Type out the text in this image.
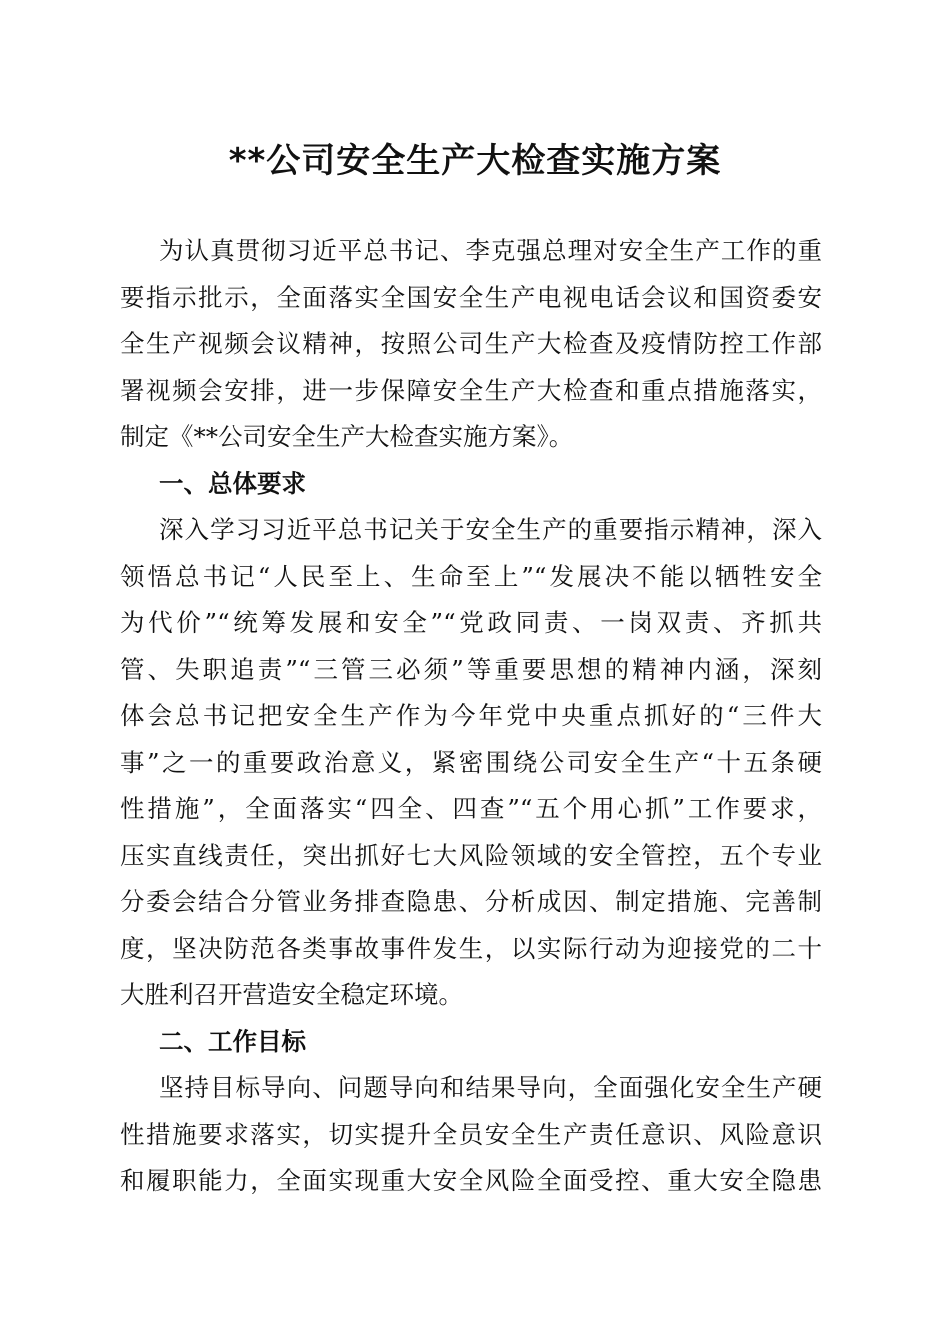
**公司安全生产大检查实施方案
为认真贯彻习近平总书记、李克强总理对安全生产工作的重
要指示批示，全面落实全国安全生产电视电话会议和国资委安
全生产视频会议精神，按照公司生产大检查及疫情防控工作部
署视频会安排，进一步保障安全生产大检查和重点措施落实，
制定《**公司安全生产大检查实施方案》。
一、总体要求
深入学习习近平总书记关于安全生产的重要指示精神，深入
领悟总书记“人民至上、生命至上”“发展决不能以牺牲安全
为代价”“统筹发展和安全”“党政同责、一岗双责、齐抓共
管、失职追责”“三管三必须”等重要思想的精神内涵，深刻
体会总书记把安全生产作为今年党中央重点抓好的“三件大
事”之一的重要政治意义，紧密围绕公司安全生产“十五条硬
性措施”，全面落实“四全、四查”“五个用心抓”工作要求，
压实直线责任，突出抓好七大风险领域的安全管控，五个专业
分委会结合分管业务排查隐患、分析成因、制定措施、完善制
度，坚决防范各类事故事件发生，以实际行动为迎接党的二十
大胜利召开营造安全稳定环境。
二、工作目标
坚持目标导向、问题导向和结果导向，全面强化安全生产硬
性措施要求落实，切实提升全员安全生产责任意识、风险意识
和履职能力，全面实现重大安全风险全面受控、重大安全隐患
